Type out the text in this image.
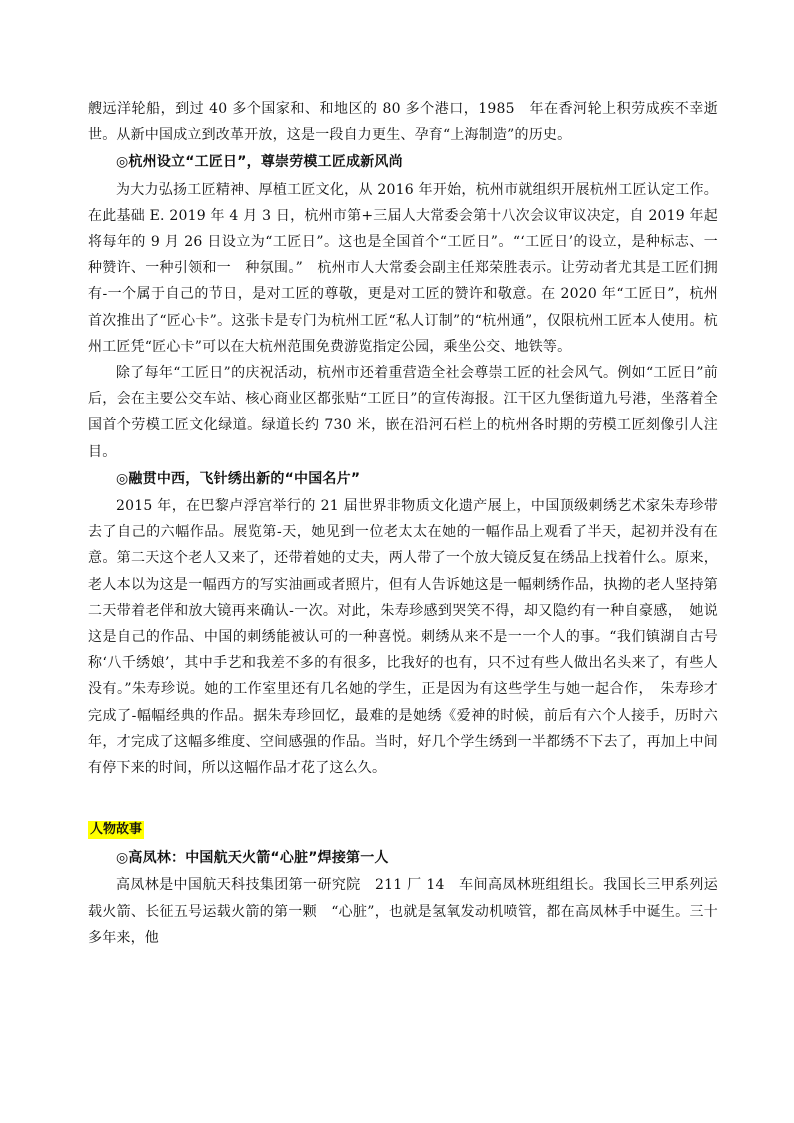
艘远洋轮船，到过 40 多个国家和、和地区的 80 多个港口，1985　年在香河轮上积劳成疾不幸逝世。从新中国成立到改革开放，这是一段自力更生、孕育“上海制造”的历史。

◎杭州设立“工匠日”，尊崇劳模工匠成新风尚

为大力弘扬工匠精神、厚植工匠文化，从 2016 年开始，杭州市就组织开展杭州工匠认定工作。在此基础 E. 2019 年 4 月 3 日，杭州市第+三届人大常委会第十八次会议审议决定，自 2019 年起将每年的 9 月 26 日设立为“工匠日”。这也是全国首个“工匠日”。“‘工匠日’的设立，是种标志、一种赞许、一种引领和一　种氛围。”　杭州市人大常委会副主任郑荣胜表示。让劳动者尤其是工匠们拥有-一个属于自己的节日，是对工匠的尊敬，更是对工匠的赞许和敬意。在 2020 年“工匠日”，杭州首次推出了“匠心卡”。这张卡是专门为杭州工匠“私人订制”的“杭州通”，仅限杭州工匠本人使用。杭州工匠凭“匠心卡”可以在大杭州范围免费游览指定公园，乘坐公交、地铁等。

除了每年“工匠日”的庆祝活动，杭州市还着重营造全社会尊崇工匠的社会风气。例如“工匠日”前后，会在主要公交车站、核心商业区都张贴“工匠日”的宣传海报。江干区九堡街道九号港，坐落着全国首个劳模工匠文化绿道。绿道长约 730 米，嵌在沿河石栏上的杭州各时期的劳模工匠刻像引人注目。

◎融贯中西，飞针绣出新的“中国名片”

2015 年，在巴黎卢浮宫举行的 21 届世界非物质文化遗产展上，中国顶级刺绣艺术家朱寿珍带去了自己的六幅作品。展览第-天，她见到一位老太太在她的一幅作品上观看了半天，起初并没有在意。第二天这个老人又来了，还带着她的丈夫，两人带了一个放大镜反复在绣品上找着什么。原来，老人本以为这是一幅西方的写实油画或者照片，但有人告诉她这是一幅刺绣作品，执拗的老人坚持第二天带着老伴和放大镜再来确认-一次。对此，朱寿珍感到哭笑不得，却又隐约有一种自豪感，　她说这是自己的作品、中国的刺绣能被认可的一种喜悦。刺绣从来不是一一个人的事。“我们镇湖自古号称‘八千绣娘’，其中手艺和我差不多的有很多，比我好的也有，只不过有些人做出名头来了，有些人没有。”朱寿珍说。她的工作室里还有几名她的学生，正是因为有这些学生与她一起合作，　朱寿珍才完成了-幅幅经典的作品。据朱寿珍回忆，最难的是她绣《爱神的时候，前后有六个人接手，历时六年，才完成了这幅多维度、空间感强的作品。当时，好几个学生绣到一半都绣不下去了，再加上中间有停下来的时间，所以这幅作品才花了这么久。

人物故事

◎高凤林：中国航天火箭“心脏”焊接第一人

高凤林是中国航天科技集团第一研究院　211 厂 14　车间高凤林班组组长。我国长三甲系列运载火箭、长征五号运载火箭的第一颗　“心脏”，也就是氢氧发动机喷管，都在高凤林手中诞生。三十多年来，他
